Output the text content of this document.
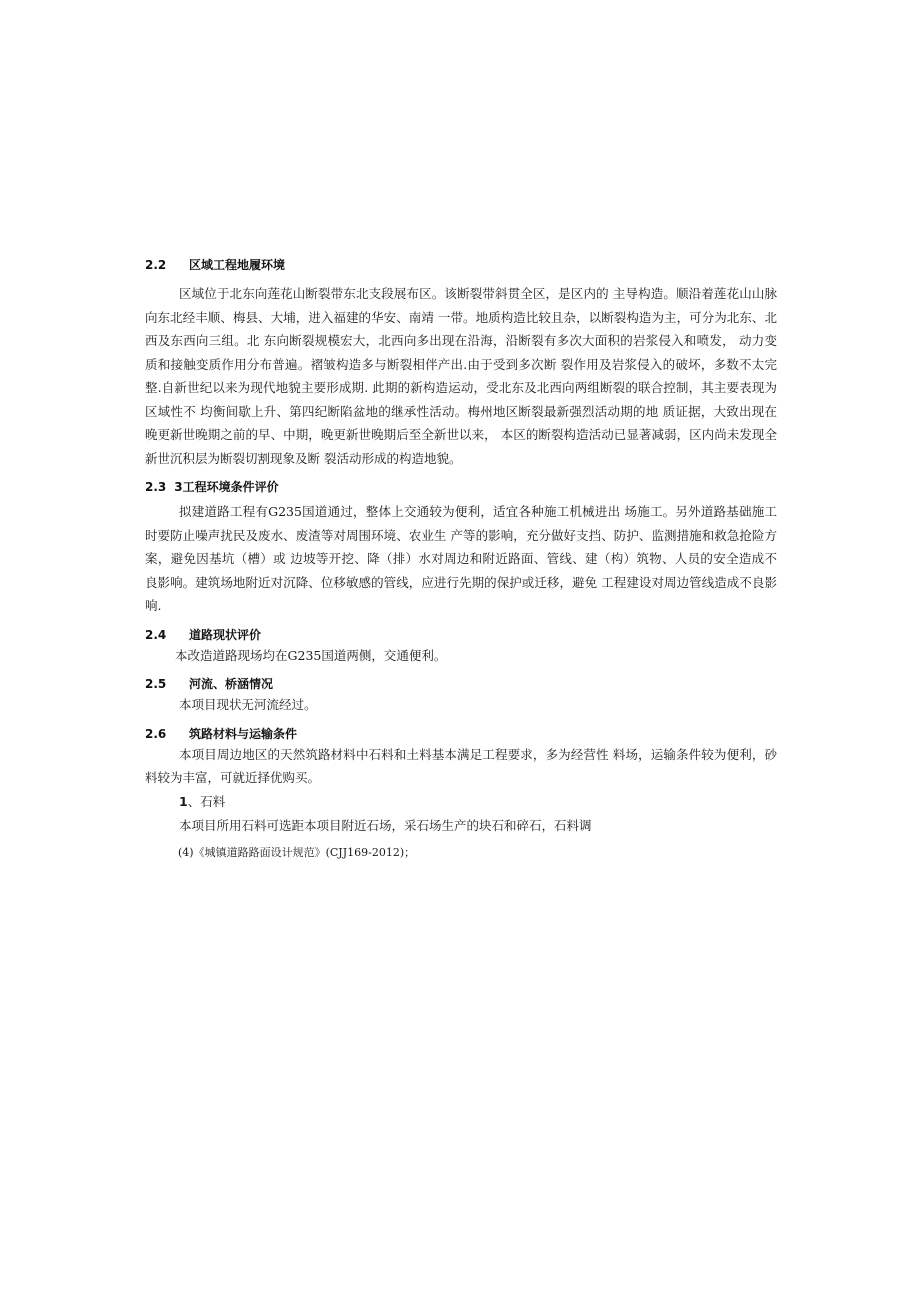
2.2	区域工程地履环境

区域位于北东向莲花山断裂带东北支段展布区。该断裂带斜贯全区，是区内的 主导构造。顺沿着莲花山山脉向东北经丰顺、梅县、大埔，进入福建的华安、南靖 一带。地质构造比较且杂，以断裂构造为主，可分为北东、北西及东西向三组。北 东向断裂规模宏大，北西向多出现在沿海，沿断裂有多次大面积的岩浆侵入和喷发， 动力变质和接触变质作用分布普遍。褶皱构造多与断裂相伴产出.由于受到多次断 裂作用及岩浆侵入的破坏，多数不太完整.自新世纪以来为现代地貌主要形成期. 此期的新构造运动，受北东及北西向两组断裂的联合控制，其主要表现为区域性不 均衡间歇上升、第四纪断陷盆地的继承性活动。梅州地区断裂最新强烈活动期的地 质证据，大致出现在晚更新世晚期之前的早、中期，晚更新世晚期后至全新世以来， 本区的断裂构造活动已显著减弱，区内尚未发现全新世沉积层为断裂切割现象及断 裂活动形成的构造地貌。

2.3 3工程环境条件评价

拟建道路工程有G235国道通过，整体上交通较为便利，适宜各种施工机械进出 场施工。另外道路基础施工时要防止噪声扰民及废水、废渣等对周围环境、农业生 产等的影响，充分做好支挡、防护、监测措施和救急抢险方案，避免因基坑（槽）或 边坡等开挖、降（排）水对周边和附近路面、管线、建（构）筑物、人员的安全造成不 良影响。建筑场地附近对沉降、位移敏感的管线，应进行先期的保护或迁移，避免 工程建设对周边管线造成不良影响.

2.4	道路现状评价

本改造道路现场均在G235国道两侧，交通便利。

2.5	河流、桥涵情况

本项目现状无河流经过。

2.6	筑路材料与运输条件

本项目周边地区的天然筑路材料中石料和土料基本满足工程要求，多为经营性 料场，运输条件较为便利，砂料较为丰富，可就近择优购买。

1、石料

本项目所用石料可选距本项目附近石场，采石场生产的块石和碎石，石料调

(4)《城镇道路路面设计规范》(CJJ169-2012)；
